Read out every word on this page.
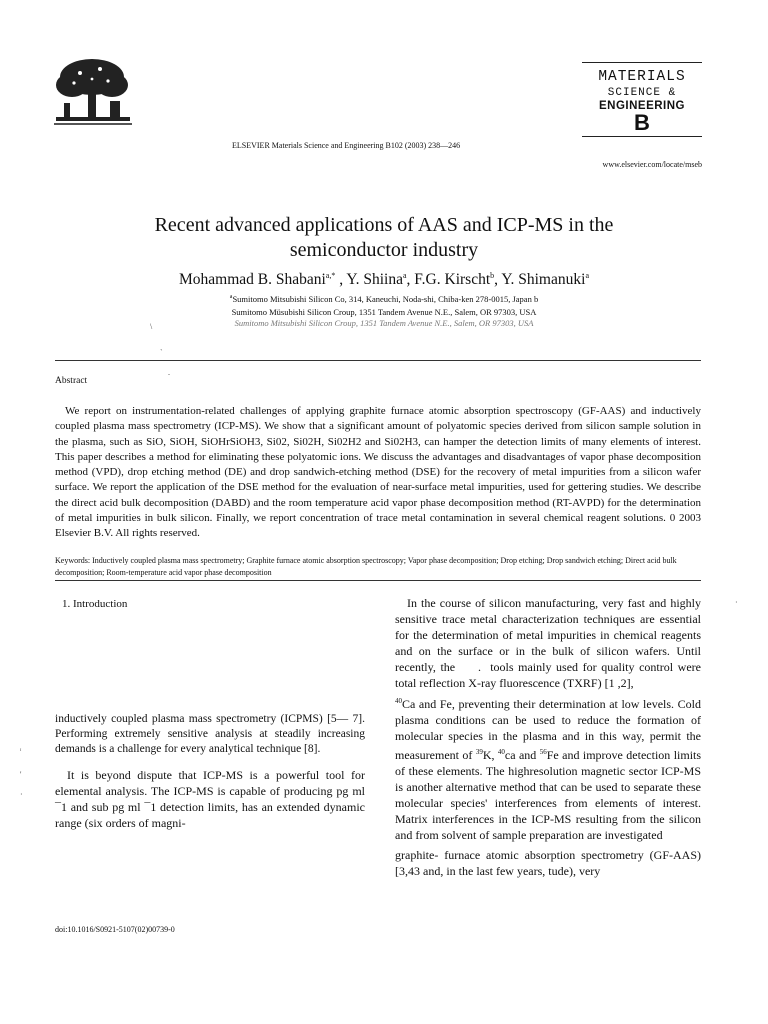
ELSEVIER Materials Science and Engineering B102 (2003) 238—246
MATERIALS
SCIENCE &
ENGINEERING
B
www.elsevier.com/locate/mseb
Recent advanced applications of AAS and ICP-MS in the
semiconductor industry
Mohammad B. Shabani$^{a,*}$ , Y. Shiina$^a$, F.G. Kirscht$^b$, Y. Shimanuki$^a$
$^a$Sumitomo Mitsubishi Silicon Co, 314, Kaneuchi, Noda-shi, Chiba-ken 278-0015, Japan b
Sumitomo Müsubishi Silicon Croup, 1351 Tandem Avenue N.E., Salem, OR 97303, USA
Sumitomo Mitsubishi Silicon Croup, 1351 Tandem Avenue N.E., Salem, OR 97303, USA
\
`
.
Abstract
We report on instrumentation-related challenges of applying graphite furnace atomic absorption spectroscopy (GF-AAS) and inductively coupled plasma mass spectrometry (ICP-MS). We show that a significant amount of polyatomic species derived from silicon sample solution in the plasma, such as SiO, SiOH, SiOHrSiOH3, Si02, Si02H, Si02H2 and Si02H3, can hamper the detection limits of many elements of interest. This paper describes a method for eliminating these polyatomic ions. We discuss the advantages and disadvantages of vapor phase decomposition method (VPD), drop etching method (DE) and drop sandwich-etching method (DSE) for the recovery of metal impurities from a silicon wafer surface. We report the application of the DSE method for the evaluation of near-surface metal impurities, used for gettering studies. We describe the direct acid bulk decomposition (DABD) and the room temperature acid vapor phase decomposition method (RT-AVPD) for the determination of metal impurities in bulk silicon. Finally, we report concentration of trace metal contamination in several chemical reagent solutions. 0 2003 Elsevier B.V. All rights reserved.
Keywords: Inductively coupled plasma mass spectrometry; Graphite furnace atomic absorption spectroscopy; Vapor phase decomposition; Drop etching; Drop sandwich etching; Direct acid bulk decomposition; Room-temperature acid vapor phase decomposition
1. Introduction
inductively coupled plasma mass spectrometry (ICPMS) [5— 7]. Performing extremely sensitive analysis at steadily increasing demands is a challenge for every analytical technique [8].
It is beyond dispute that ICP-MS is a powerful tool for elemental analysis. The ICP-MS is capable of producing pg ml ¯1 and sub pg ml ¯1 detection limits, has an extended dynamic range (six orders of magni-
ᶦ
'
·
·

In the course of silicon manufacturing, very fast and highly sensitive trace metal characterization techniques are essential for the determination of metal impurities in chemical reagents and on the surface or in the bulk of silicon wafers. Until recently, the . tools mainly used for quality control were total reflection X-ray fluorescence (TXRF) [1 ,2],

$^{40}$Ca and Fe, preventing their determination at low levels. Cold plasma conditions can be used to reduce the formation of molecular species in the plasma and in this way, permit the measurement of $^{39}$K, $^{40}$ca and $^{56}$Fe and improve detection limits of these elements. The highresolution magnetic sector ICP-MS is another alternative method that can be used to separate these molecular species' interferences from elements of interest. Matrix interferences in the ICP-MS resulting from the silicon and from solvent of sample preparation are investigated

graphite- furnace atomic absorption spectrometry (GF-AAS) [3,43 and, in the last few years, tude), very

doi:10.1016/S0921-5107(02)00739-0
